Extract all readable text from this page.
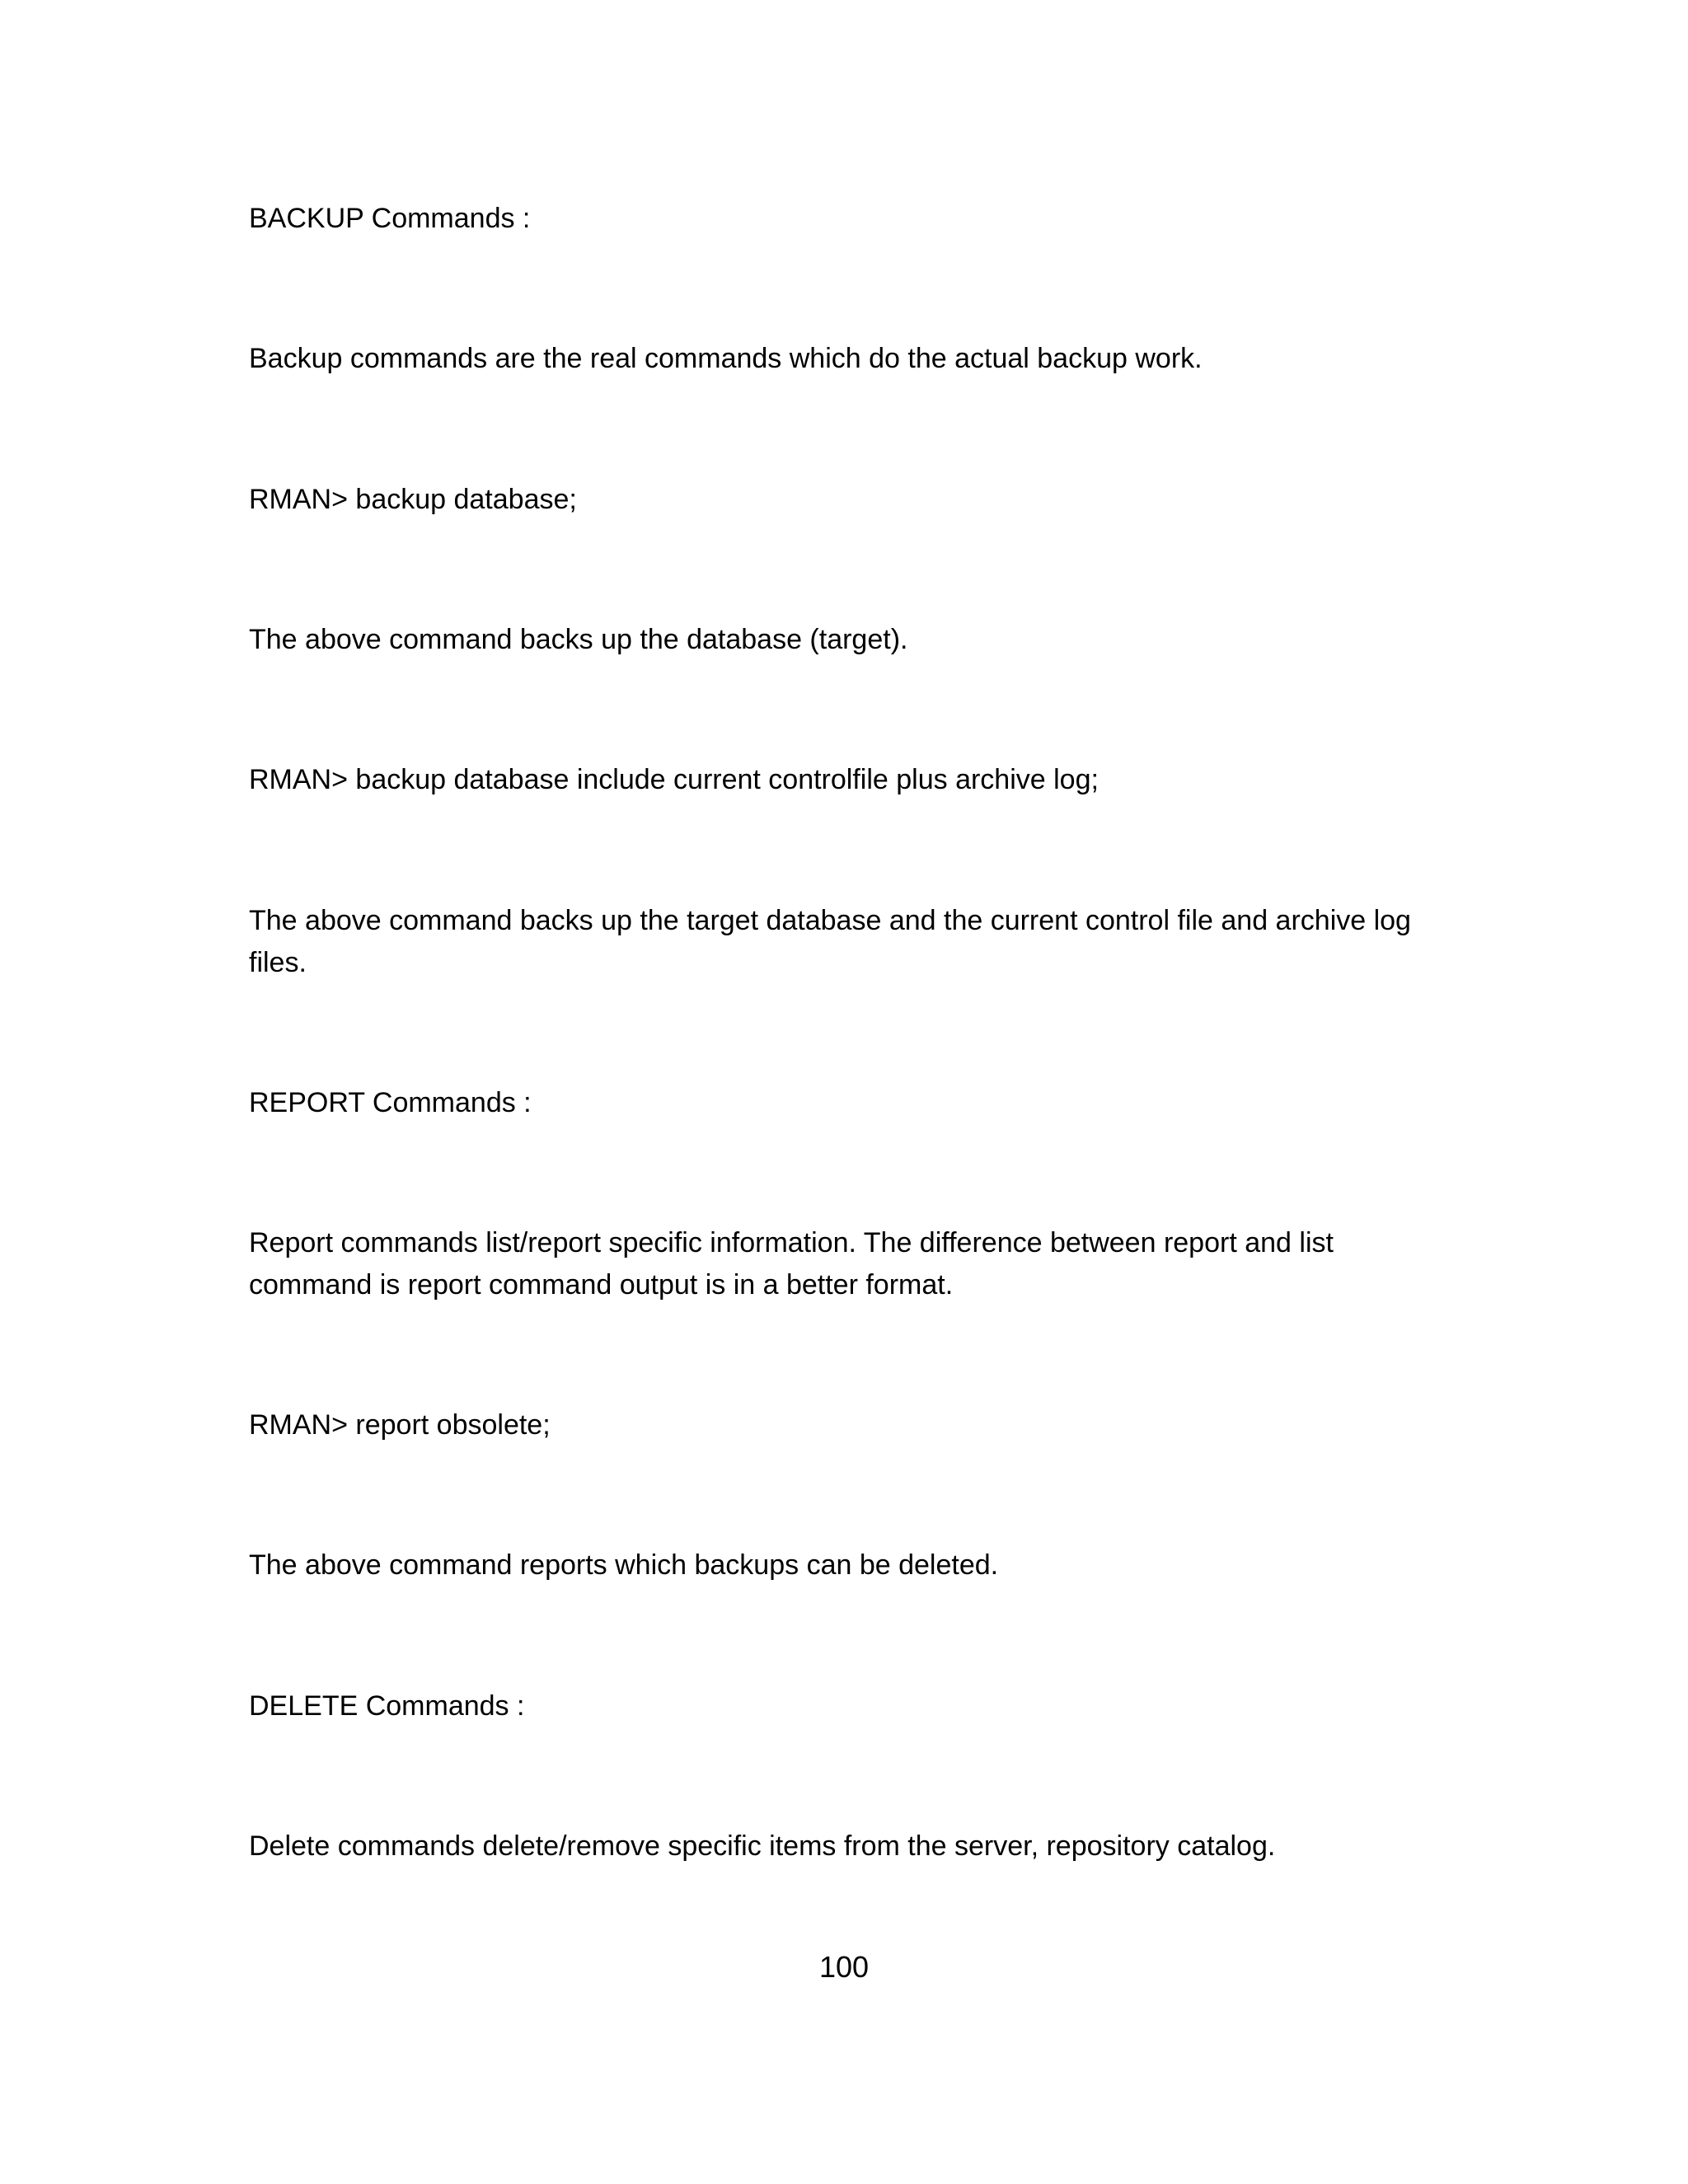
BACKUP Commands :

Backup commands are the real commands which do the actual backup work.

RMAN> backup database;

The above command backs up the database (target).

RMAN> backup database include current controlfile plus archive log;

The above command backs up the target database and the current control file and archive log files.

REPORT Commands :

Report commands list/report specific information. The difference between report and list command is report command output is in a better format.

RMAN> report obsolete;

The above command reports which backups can be deleted.

DELETE Commands :

Delete commands delete/remove specific items from the server, repository catalog.

100
